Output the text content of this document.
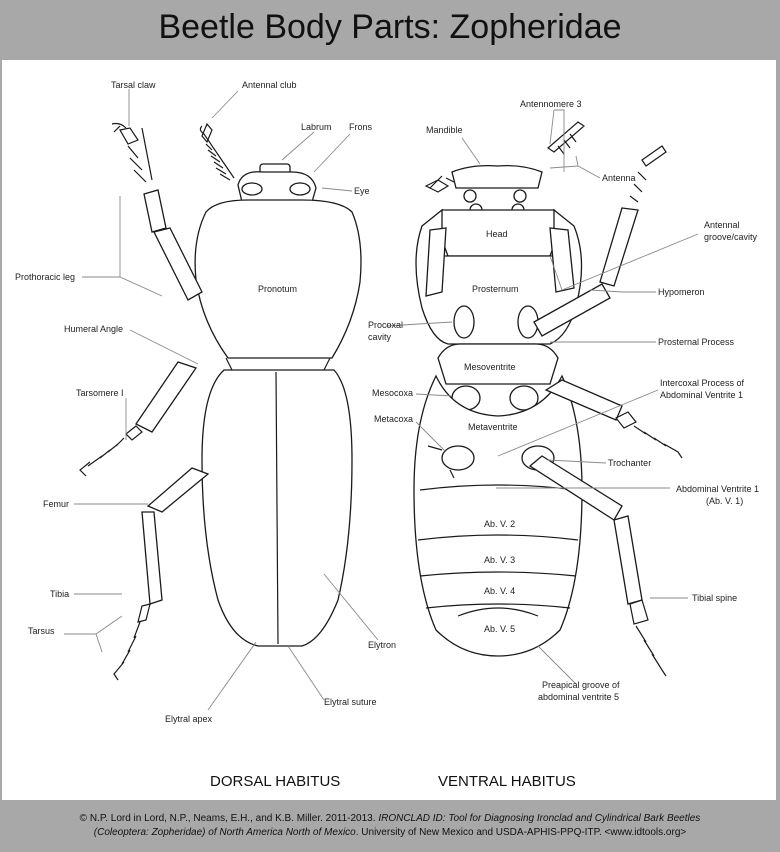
Beetle Body Parts: Zopheridae
Tarsal claw	Antennal club
Labrum Frons
Eye
Pronotum
Prothoracic leg
Humeral Angle
Tarsomere I
Femur
Tibia
Tarsus
Elytral apex
Elytral suture
Elytron
Antennomere 3
Mandible
Antenna
Head
Antennal
groove/cavity
Prosternum	Hypomeron
Procoxal
cavity	Prosternal Process
Mesoventrite
Mesocoxa
Intercoxal Process of
Abdominal Ventrite 1
Metacoxa
Metaventrite
Trochanter
Abdominal Ventrite 1
(Ab. V. 1)
Ab. V. 2
Ab. V. 3
Ab. V. 4
Ab. V. 5
Tibial spine
Preapical groove of
abdominal ventrite 5
DORSAL HABITUS	VENTRAL HABITUS
© N.P. Lord in Lord, N.P., Neams, E.H., and K.B. Miller. 2011-2013. IRONCLAD ID: Tool for Diagnosing Ironclad and Cylindrical Bark Beetles
(Coleoptera: Zopheridae) of North America North of Mexico. University of New Mexico and USDA-APHIS-PPQ-ITP. <www.idtools.org>
